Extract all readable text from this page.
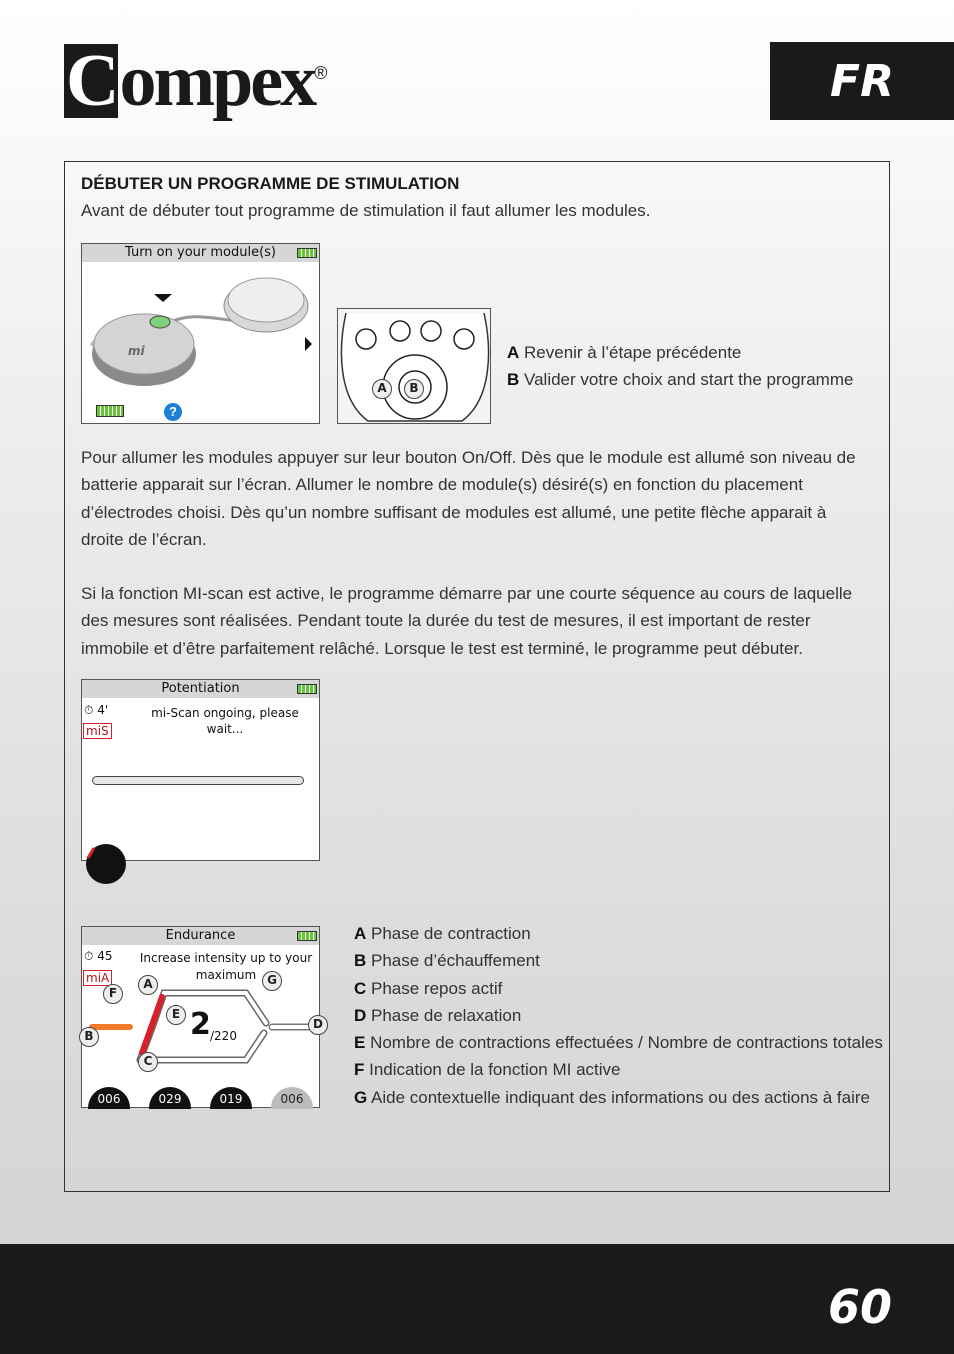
Compex®	FR
DÉBUTER UN PROGRAMME DE STIMULATION
Avant de débuter tout programme de stimulation il faut allumer les modules.
Turn on your module(s)
mi
?
A	B
A Revenir à l’étape précédente
B Valider votre choix and start the programme
Pour allumer les modules appuyer sur leur bouton On/Off. Dès que le module est allumé son niveau de batterie apparait sur l’écran. Allumer le nombre de module(s) désiré(s) en fonction du placement d’électrodes choisi. Dès qu’un nombre suffisant de modules est allumé, une petite flèche apparait à droite de l’écran.
Si la fonction MI-scan est active, le programme démarre par une courte séquence au cours de laquelle des mesures sont réalisées. Pendant toute la durée du test de mesures, il est important de rester immobile et d’être parfaitement relâché. Lorsque le test est terminé, le programme peut débuter.
Potentiation
⏱ 4'
miS
mi-Scan ongoing, please
wait...
Endurance
⏱ 45
miA
Increase intensity up to your
maximum
2 /220
A
B
C
D
E
F
G
006	029	019	006
A Phase de contraction
B Phase d’échauffement
C Phase repos actif
D Phase de relaxation
E Nombre de contractions effectuées / Nombre de contractions totales
F Indication de la fonction MI active
G Aide contextuelle indiquant des informations ou des actions à faire
60
